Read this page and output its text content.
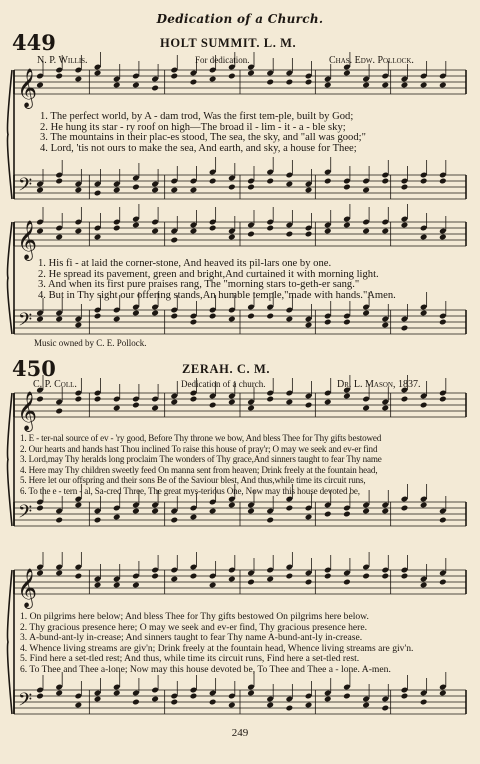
𝄞
𝄢
𝄞
𝄢
𝄞
𝄢
𝄞
𝄢
Dedication of a Church.
449	HOLT SUMMIT. L. M.
N. P. Willis.	For dedication.	Chas. Edw. Pollock.
1. The perfect world, by A - dam trod, Was the first tem-ple, built by God;
2. He hung its star - ry roof on high—The broad il - lim - it - a - ble sky;
3. The mountains in their plac-es stood, The sea, the sky, and "all was good;"
4. Lord, 'tis not ours to make the sea, And earth, and sky, a house for Thee;
1. His fi - at laid the corner-stone, And heaved its pil-lars one by one.
2. He spread its pavement, green and bright,And curtained it with morning light.
3. And when its first pure praises rang, The "morning stars to-geth-er sang."
4. But in Thy sight our offering stands,An humble temple,"made with hands."Amen.
Music owned by C. E. Pollock.
450	ZERAH. C. M.
C. P. Coll.	Dedication of a church.	Dr. L. Mason, 1837.
1. E - ter-nal source of ev - 'ry good, Before Thy throne we bow, And bless Thee for Thy gifts bestowed
2. Our hearts and hands hast Thou inclined To raise this house of pray'r; O may we seek and ev-er find
3. Lord,may Thy heralds long proclaim The wonders of Thy grace,And sinners taught to fear Thy name
4. Here may Thy children sweetly feed On manna sent from heaven; Drink freely at the fountain head,
5. Here let our offspring and their sons Be of the Saviour blest, And thus,while time its circuit runs,
6. To the e - tern - al, Sa-cred Three, The great mys-terious One, Now may this house devoted be,
1. On pilgrims here below; And bless Thee for Thy gifts bestowed On pilgrims here below.
2. Thy gracious presence here; O may we seek and ev-er find, Thy gracious presence here.
3. A-bund-ant-ly in-crease; And sinners taught to fear Thy name A-bund-ant-ly in-crease.
4. Whence living streams are giv'n; Drink freely at the fountain head, Whence living streams are giv'n.
5. Find here a set-tled rest; And thus, while time its circuit runs, Find here a set-tled rest.
6. To Thee and Thee a-lone; Now may this house devoted be, To Thee and Thee a - lone. A-men.
249
